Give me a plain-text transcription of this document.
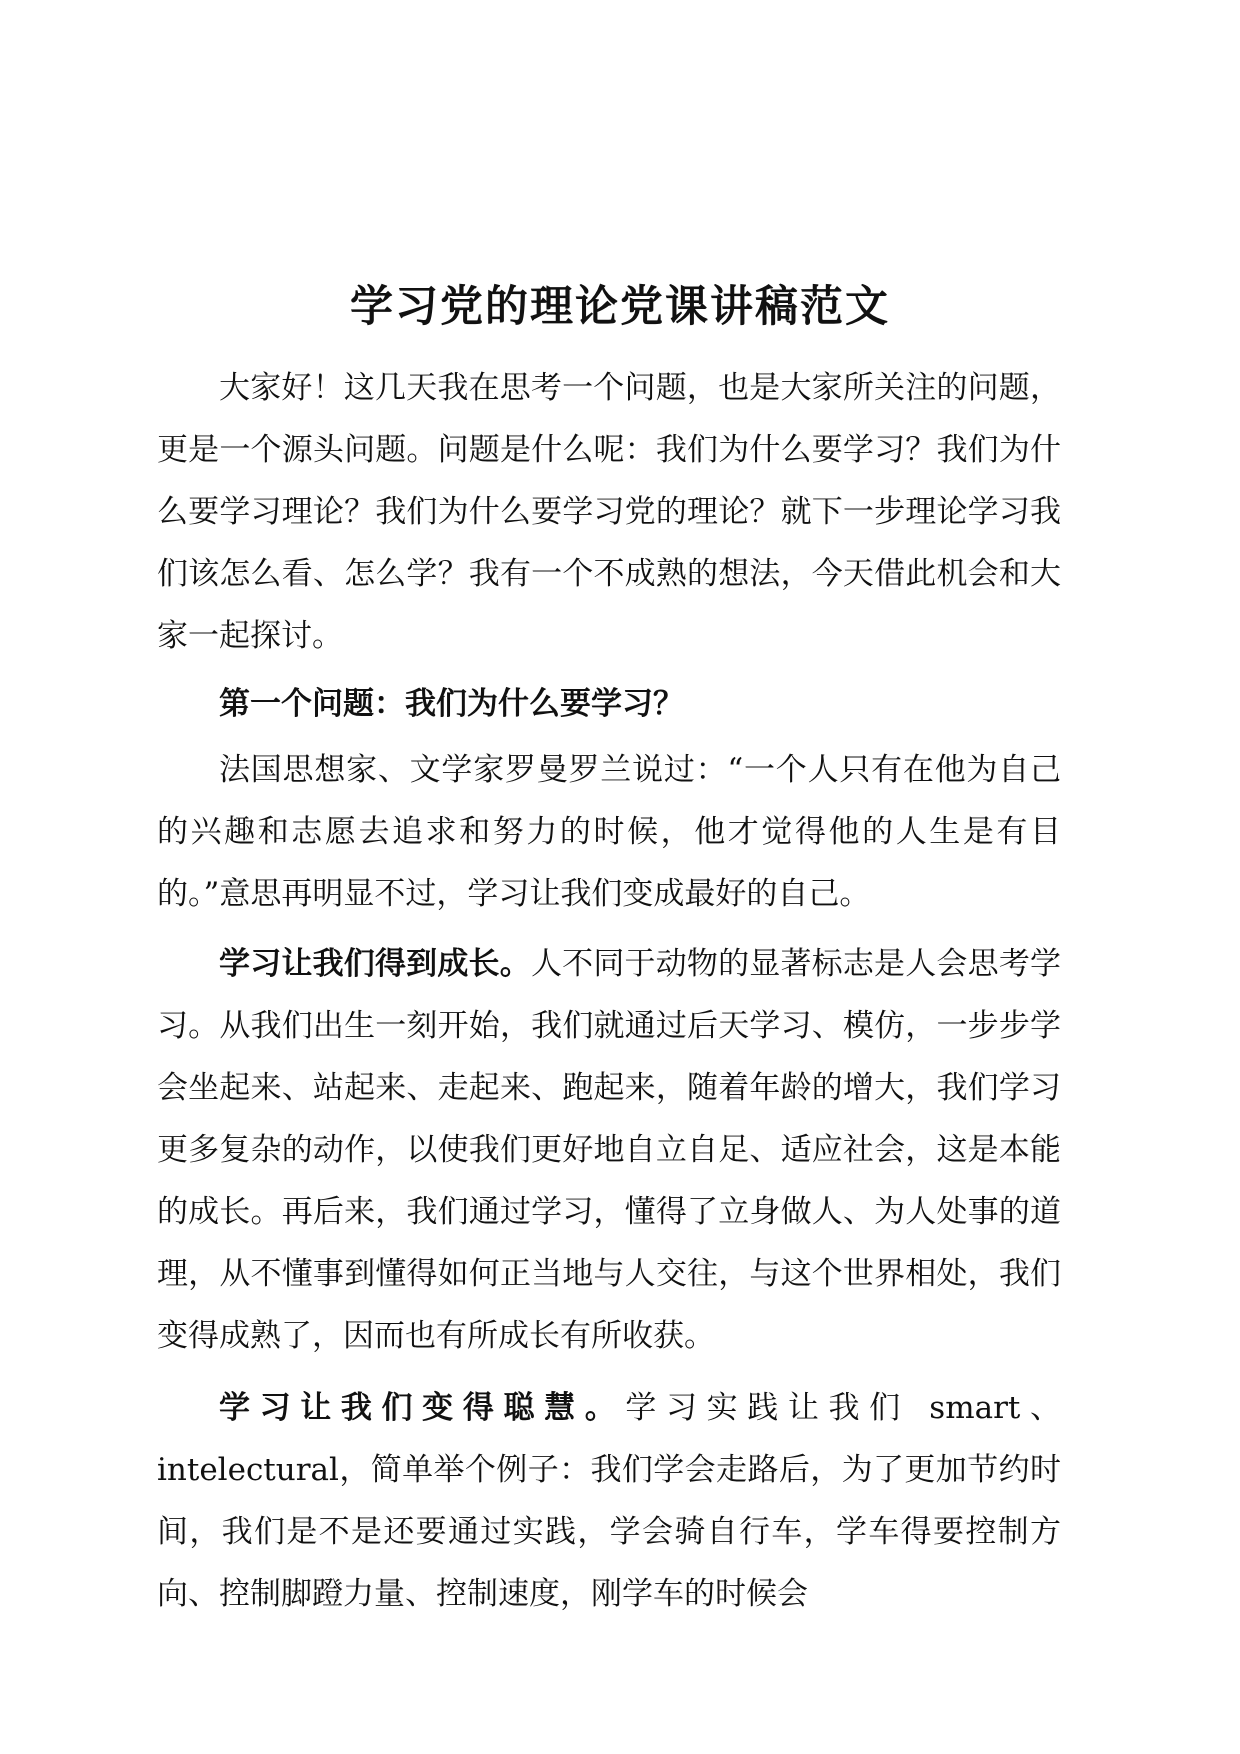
学习党的理论党课讲稿范文

大家好！这几天我在思考一个问题，也是大家所关注的问题，更是一个源头问题。问题是什么呢：我们为什么要学习？我们为什么要学习理论？我们为什么要学习党的理论？就下一步理论学习我们该怎么看、怎么学？我有一个不成熟的想法，今天借此机会和大家一起探讨。

第一个问题：我们为什么要学习？

法国思想家、文学家罗曼罗兰说过：“一个人只有在他为自己的兴趣和志愿去追求和努力的时候，他才觉得他的人生是有目的。”意思再明显不过，学习让我们变成最好的自己。

学习让我们得到成长。人不同于动物的显著标志是人会思考学习。从我们出生一刻开始，我们就通过后天学习、模仿，一步步学会坐起来、站起来、走起来、跑起来，随着年龄的增大，我们学习更多复杂的动作，以使我们更好地自立自足、适应社会，这是本能的成长。再后来，我们通过学习，懂得了立身做人、为人处事的道理，从不懂事到懂得如何正当地与人交往，与这个世界相处，我们变得成熟了，因而也有所成长有所收获。

学习让我们变得聪慧。学习实践让我们 smart、intelectural，简单举个例子：我们学会走路后，为了更加节约时间，我们是不是还要通过实践，学会骑自行车，学车得要控制方向、控制脚蹬力量、控制速度，刚学车的时候会
